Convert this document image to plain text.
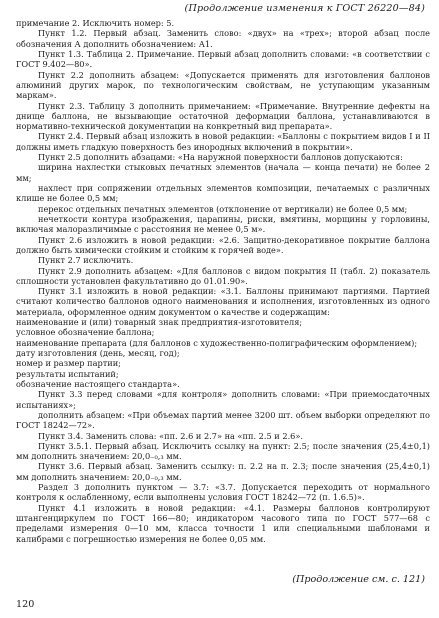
(Продолжение изменения к ГОСТ 26220—84)

примечание 2. Исключить номер: 5.

Пункт 1.2. Первый абзац. Заменить слово: «двух» на «трех»; второй абзац после обозначения А дополнить обозначением: А1.

Пункт 1.3. Таблица 2. Примечание. Первый абзац дополнить словами: «в соответствии с ГОСТ 9.402—80».

Пункт 2.2 дополнить абзацем: «Допускается применять для изготовления баллонов алюминий других марок, по технологическим свойствам, не уступающим указанным маркам».

Пункт 2.3. Таблицу 3 дополнить примечанием: «Примечание. Внутренние дефекты на днище баллона, не вызывающие остаточной деформации баллона, устанавливаются в нормативно-технической документации на конкретный вид препарата».

Пункт 2.4. Первый абзац изложить в новой редакции: «Баллоны с покрытием видов I и II должны иметь гладкую поверхность без инородных включений в покрытии».

Пункт 2.5 дополнить абзацами: «На наружной поверхности баллонов допускаются:

ширина нахлестки стыковых печатных элементов (начала — конца печати) не более 2 мм;

нахлест при сопряжении отдельных элементов композиции, печатаемых с различных клише не более 0,5 мм;

перекос отдельных печатных элементов (отклонение от вертикали) не более 0,5 мм;

нечеткости контура изображения, царапины, риски, вмятины, морщины у горловины, включая малоразличимые с расстояния не менее 0,5 м».

Пункт 2.6 изложить в новой редакции: «2.6. Защитно-декоративное покрытие баллона должно быть химически стойким и стойким к горячей воде».

Пункт 2.7 исключить.

Пункт 2.9 дополнить абзацем: «Для баллонов с видом покрытия II (табл. 2) показатель сплошности установлен факультативно до 01.01.90».

Пункт 3.1 изложить в новой редакции: «3.1. Баллоны принимают партиями. Партией считают количество баллонов одного наименования и исполнения, изготовленных из одного материала, оформленное одним документом о качестве и содержащим:

наименование и (или) товарный знак предприятия-изготовителя;

условное обозначение баллона;

наименование препарата (для баллонов с художественно-полиграфическим оформлением);

дату изготовления (день, месяц, год);

номер и размер партии;

результаты испытаний;

обозначение настоящего стандарта».

Пункт 3.3 перед словами «для контроля» дополнить словами: «При приемосдаточных испытаниях»;

дополнить абзацем: «При объемах партий менее 3200 шт. объем выборки определяют по ГОСТ 18242—72».

Пункт 3.4. Заменить слова: «пп. 2.6 и 2.7» на «пп. 2.5 и 2.6».

Пункт 3.5.1. Первый абзац. Исключить ссылку на пункт: 2.5; после значения (25,4±0,1) мм дополнить значением: 20,0₋₀,₃ мм.

Пункт 3.6. Первый абзац. Заменить ссылку: п. 2.2 на п. 2.3; после значения (25,4±0,1) мм дополнить значением: 20,0₋₀,₃ мм.

Раздел 3 дополнить пунктом — 3.7: «3.7. Допускается переходить от нормального контроля к ослабленному, если выполнены условия ГОСТ 18242—72 (п. 1.6.5)».

Пункт 4.1 изложить в новой редакции: «4.1. Размеры баллонов контролируют штангенциркулем по ГОСТ 166—80; индикатором часового типа по ГОСТ 577—68 с пределами измерения 0—10 мм, класса точности 1 или специальными шаблонами и калибрами с погрешностью измерения не более 0,05 мм.

(Продолжение см. с. 121)
120
